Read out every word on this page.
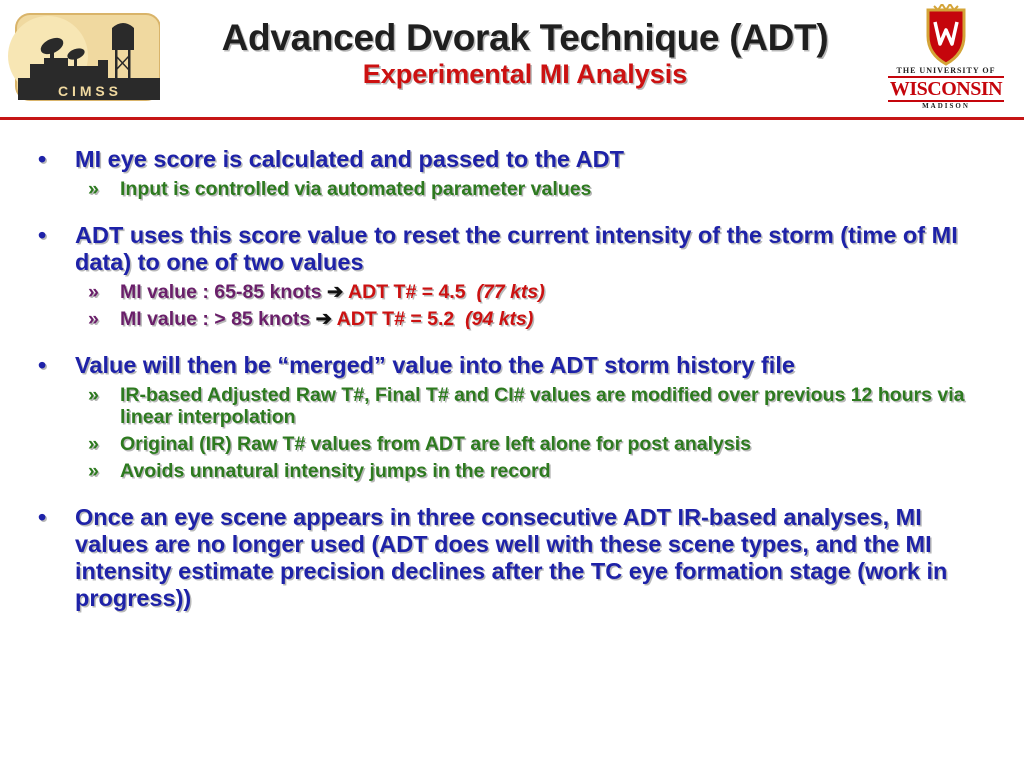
C I M S S
Advanced Dvorak Technique (ADT)
Experimental MI Analysis	THE UNIVERSITY OF
WISCONSIN
MADISON
• MI eye score is calculated and passed to the ADT
» Input is controlled via automated parameter values
• ADT uses this score value to reset the current intensity of the storm (time of MI data) to one of two values
» MI value : 65-85 knots ➔ ADT T# = 4.5 (77 kts)
» MI value : > 85 knots ➔ ADT T# = 5.2 (94 kts)
• Value will then be “merged” value into the ADT storm history file
» IR-based Adjusted Raw T#, Final T# and CI# values are modified over previous 12 hours via linear interpolation
» Original (IR) Raw T# values from ADT are left alone for post analysis
» Avoids unnatural intensity jumps in the record
• Once an eye scene appears in three consecutive ADT IR-based analyses, MI values are no longer used (ADT does well with these scene types, and the MI intensity estimate precision declines after the TC eye formation stage (work in progress))
